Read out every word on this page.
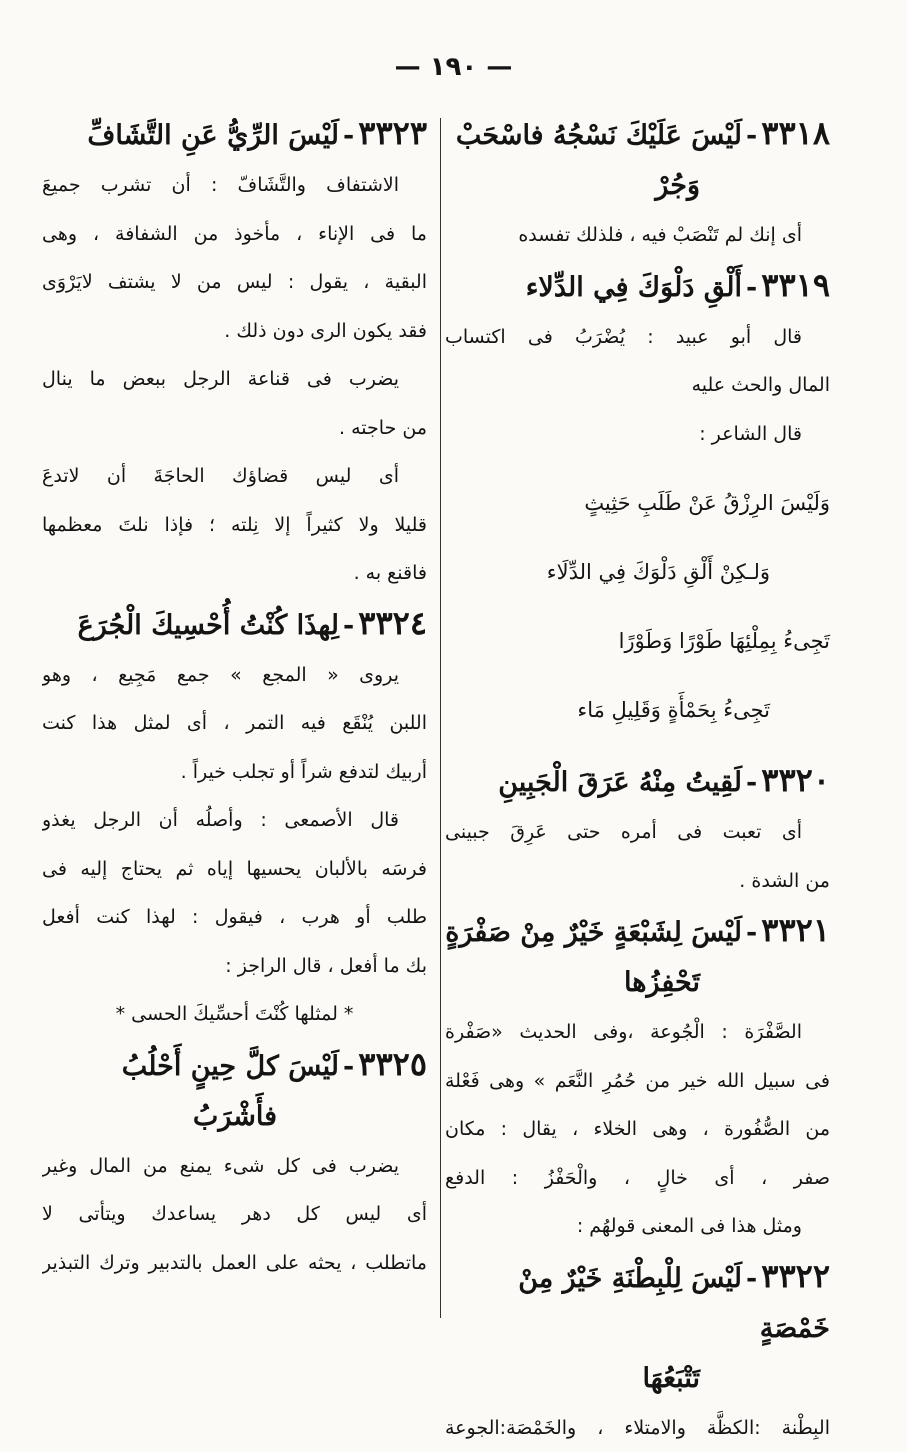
— ١٩٠ —

٣٣١٨-لَيْسَ عَلَيْكَ نَسْجُهُ فاسْحَبْ

وَجُرْ

أى إنك لم تَنْصَبْ فيه ، فلذلك تفسده

٣٣١٩-أَلْقِ دَلْوَكَ فِي الدِّلاء

قال أبو عبيد : يُضْرَبُ فى اكتساب

المال والحث عليه

قال الشاعر :

وَلَيْسَ الرِزْقُ عَنْ طَلَبِ حَثِيثٍ

وَلـكِنْ أَلْقِ دَلْوَكَ فِي الدِّلَاء

تَجِىءُ بِمِلْئِهَا طَوْرًا وَطَوْرًا

تَجِىءُ بِحَمْأَةٍ وَقَلِيلِ مَاء

٣٣٢٠-لَقِيتُ مِنْهُ عَرَقَ الْجَبِينِ

أى تعبت فى أمره حتى عَرِقَ جبينى

من الشدة .

٣٣٢١-لَيْسَ لِشَبْعَةٍ خَيْرٌ مِنْ صَفْرَةٍ

تَحْفِزُها

الصَّفْرَة : الْجُوعة ،وفى الحديث «صَفْرة

فى سبيل الله خير من حُمُرِ النَّعَم » وهى فَعْلة

من الصُّفُورة ، وهى الخلاء ، يقال : مكان

صفر ، أى خالٍ ، والْحَفْزُ : الدفع

ومثل هذا فى المعنى قولهُم :

٣٣٢٢-لَيْسَ لِلْبِطْنَةِ خَيْرٌ مِنْ خَمْصَةٍ

تَتْبَعُهَا

البِطْنة :الكظَّة والامتلاء ، والخَمْصَة:الجوعة

٣٣٢٣-لَيْسَ الرِّيُّ عَنِ التَّشَافِّ

الاشتفاف والتَّشَافّ : أن تشرب جميعَ

ما فى الإناء ، مأخوذ من الشفافة ، وهى

البقية ، يقول : ليس من لا يشتف لايَرْوَى

فقد يكون الرى دون ذلك .

يضرب فى قناعة الرجل ببعض ما ينال

من حاجته .

أى ليس قضاؤك الحاجَةَ أن لاتدعَ

قليلا ولا كثيراً إلا نِلته ؛ فإذا نلتَ معظمها

فاقنع به .

٣٣٢٤-لِهذَا كُنْتُ أُحْسِيكَ الْجُرَعَ

يروى « المجع » جمع مَجِيع ، وهو

اللبن يُنْقَع فيه التمر ، أى لمثل هذا كنت

أربيك لتدفع شراً أو تجلب خيراً .

قال الأصمعى : وأصلُه أن الرجل يغذو

فرسَه بالألبان يحسيها إياه ثم يحتاج إليه فى

طلب أو هرب ، فيقول : لهذا كنت أفعل

بك ما أفعل ، قال الراجز :

* لمثلها كُنْتَ أحسِّيكَ الحسى *

٣٣٢٥-لَيْسَ كلَّ حِينٍ أَحْلُبُ

فأَشْرَبُ

يضرب فى كل شىء يمنع من المال وغير

أى ليس كل دهر يساعدك ويتأتى لا

ماتطلب ، يحثه على العمل بالتدبير وترك التبذير
